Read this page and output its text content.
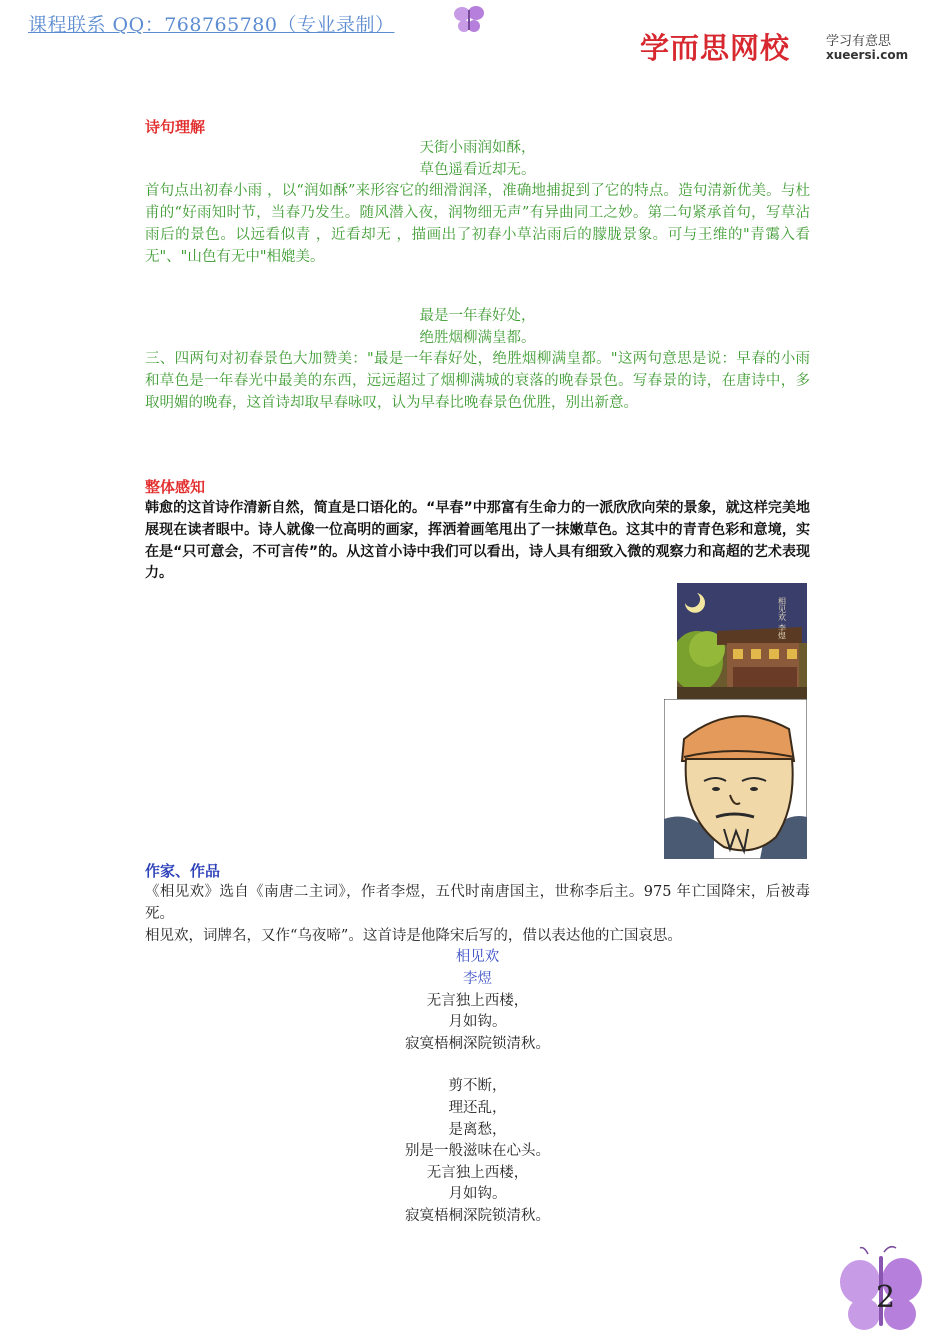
课程联系 QQ：768765780（专业录制）
学而思网校	学习有意思
xueersi.com

诗句理解

天街小雨润如酥，

草色遥看近却无。

首句点出初春小雨 ，以“润如酥”来形容它的细滑润泽，准确地捕捉到了它的特点。造句清新优美。与杜甫的“好雨知时节，当春乃发生。随风潜入夜，润物细无声”有异曲同工之妙。第二句紧承首句，写草沾雨后的景色。以远看似青 ，近看却无 ，描画出了初春小草沾雨后的朦胧景象。可与王维的"青霭入看无"、"山色有无中"相媲美。

最是一年春好处，

绝胜烟柳满皇都。

三、四两句对初春景色大加赞美："最是一年春好处，绝胜烟柳满皇都。"这两句意思是说：早春的小雨和草色是一年春光中最美的东西，远远超过了烟柳满城的衰落的晚春景色。写春景的诗，在唐诗中，多取明媚的晚春，这首诗却取早春咏叹，认为早春比晚春景色优胜，别出新意。

整体感知

韩愈的这首诗作清新自然，简直是口语化的。“早春”中那富有生命力的一派欣欣向荣的景象，就这样完美地展现在读者眼中。诗人就像一位高明的画家，挥洒着画笔甩出了一抹嫩草色。这其中的青青色彩和意境，实在是“只可意会，不可言传”的。从这首小诗中我们可以看出，诗人具有细致入微的观察力和高超的艺术表现力。

相见欢 李煜

作家、作品

《相见欢》选自《南唐二主词》，作者李煜，五代时南唐国主，世称李后主。975 年亡国降宋，后被毒死。

相见欢，词牌名，又作“乌夜啼”。这首诗是他降宋后写的，借以表达他的亡国哀思。

相见欢

李煜

无言独上西楼，

月如钩。

寂寞梧桐深院锁清秋。

剪不断，

理还乱，

是离愁，

别是一般滋味在心头。

无言独上西楼，

月如钩。

寂寞梧桐深院锁清秋。

2
